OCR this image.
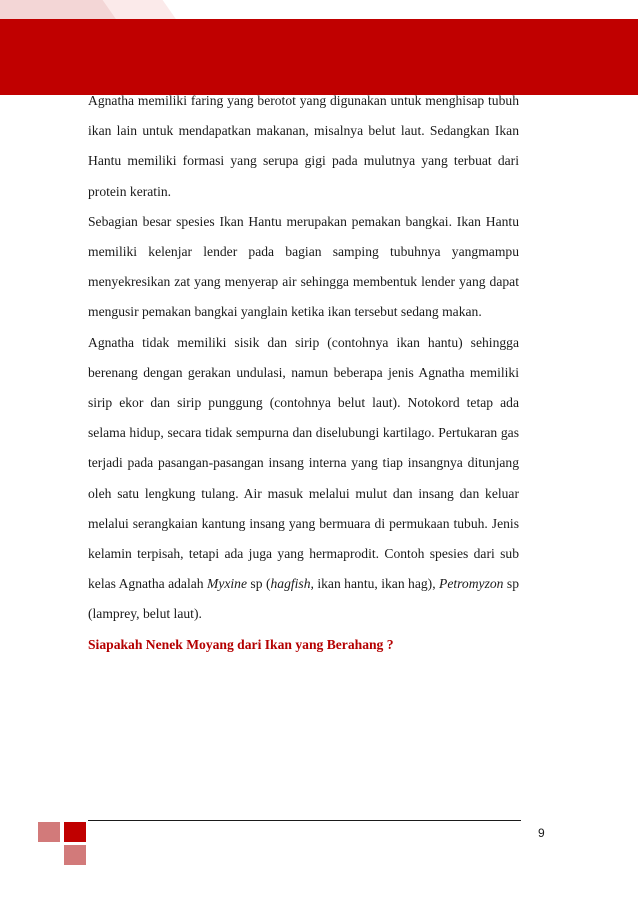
Agnatha memiliki faring yang berotot yang digunakan untuk menghisap tubuh ikan lain untuk mendapatkan makanan, misalnya belut laut. Sedangkan Ikan Hantu memiliki formasi yang serupa gigi pada mulutnya yang terbuat dari protein keratin.

Sebagian besar spesies Ikan Hantu merupakan pemakan bangkai. Ikan Hantu memiliki kelenjar lender pada bagian samping tubuhnya yangmampu menyekresikan zat yang menyerap air sehingga membentuk lender yang dapat mengusir pemakan bangkai yanglain ketika ikan tersebut sedang makan.

Agnatha tidak memiliki sisik dan sirip (contohnya ikan hantu) sehingga berenang dengan gerakan undulasi, namun beberapa jenis Agnatha memiliki sirip ekor dan sirip punggung (contohnya belut laut). Notokord tetap ada selama hidup, secara tidak sempurna dan diselubungi kartilago. Pertukaran gas terjadi pada pasangan-pasangan insang interna yang tiap insangnya ditunjang oleh satu lengkung tulang. Air masuk melalui mulut dan insang dan keluar melalui serangkaian kantung insang yang bermuara di permukaan tubuh. Jenis kelamin terpisah, tetapi ada juga yang hermaprodit. Contoh spesies dari sub kelas Agnatha adalah Myxine sp (hagfish, ikan hantu, ikan hag), Petromyzon sp (lamprey, belut laut).

Siapakah Nenek Moyang dari Ikan yang Berahang ?

9
